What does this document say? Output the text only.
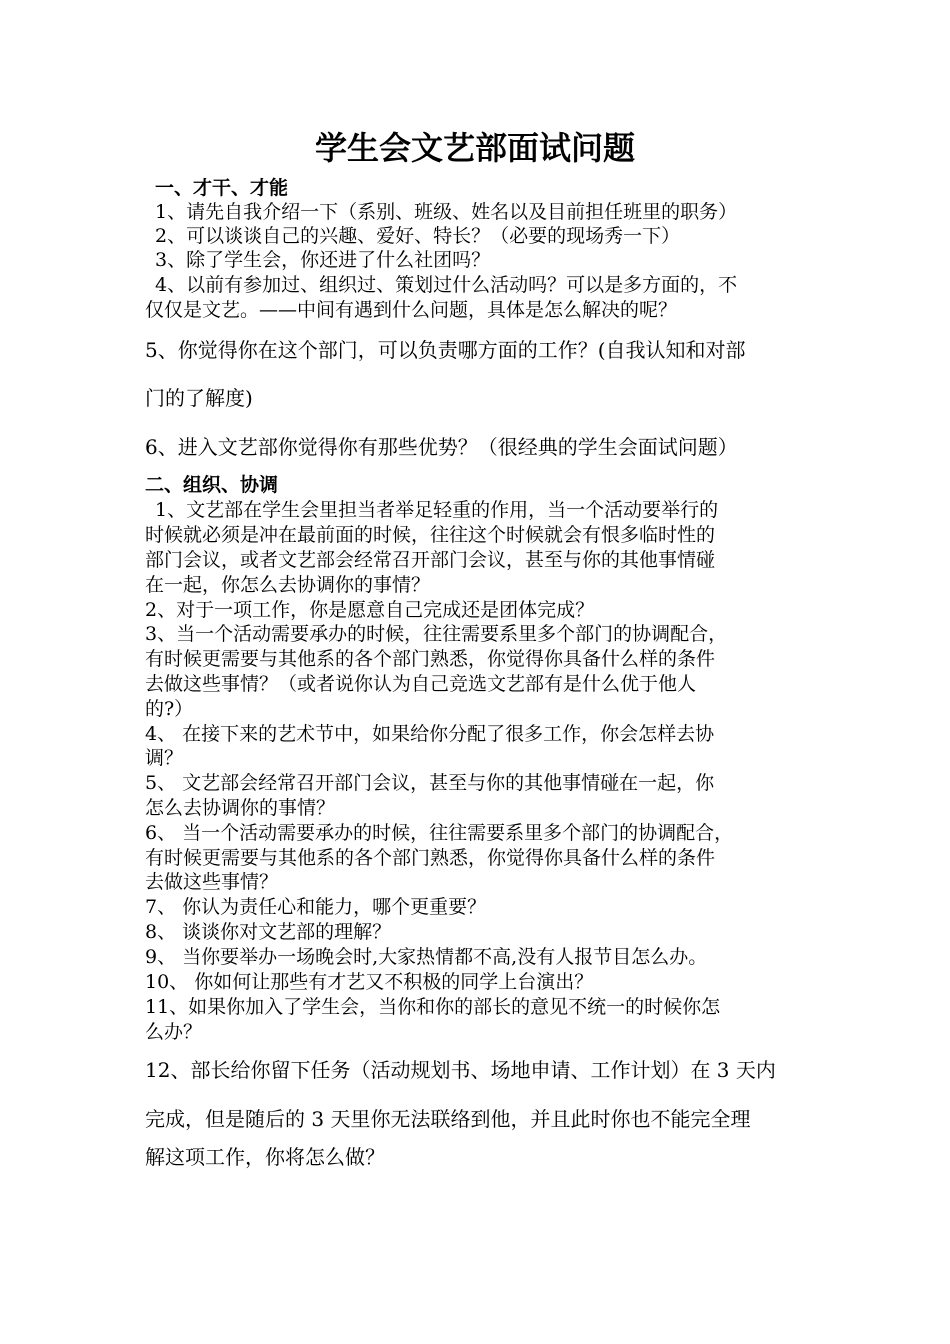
学生会文艺部面试问题

一、才干、才能

1、请先自我介绍一下（系别、班级、姓名以及目前担任班里的职务）

2、可以谈谈自己的兴趣、爱好、特长？（必要的现场秀一下）

3、除了学生会，你还进了什么社团吗？

4、以前有参加过、组织过、策划过什么活动吗？可以是多方面的，不

仅仅是文艺。——中间有遇到什么问题，具体是怎么解决的呢？

5、你觉得你在这个部门，可以负责哪方面的工作？(自我认知和对部

门的了解度)

6、进入文艺部你觉得你有那些优势？（很经典的学生会面试问题）

二、组织、协调

1、文艺部在学生会里担当者举足轻重的作用，当一个活动要举行的

时候就必须是冲在最前面的时候，往往这个时候就会有恨多临时性的

部门会议，或者文艺部会经常召开部门会议，甚至与你的其他事情碰

在一起，你怎么去协调你的事情？

2、对于一项工作，你是愿意自己完成还是团体完成？

3、当一个活动需要承办的时候，往往需要系里多个部门的协调配合，

有时候更需要与其他系的各个部门熟悉，你觉得你具备什么样的条件

去做这些事情？（或者说你认为自己竞选文艺部有是什么优于他人

的?）

4、 在接下来的艺术节中，如果给你分配了很多工作，你会怎样去协

调？

5、 文艺部会经常召开部门会议，甚至与你的其他事情碰在一起，你

怎么去协调你的事情？

6、 当一个活动需要承办的时候，往往需要系里多个部门的协调配合，

有时候更需要与其他系的各个部门熟悉，你觉得你具备什么样的条件

去做这些事情？

7、 你认为责任心和能力，哪个更重要？

8、 谈谈你对文艺部的理解？

9、 当你要举办一场晚会时,大家热情都不高,没有人报节目怎么办。

10、 你如何让那些有才艺又不积极的同学上台演出？

11、如果你加入了学生会，当你和你的部长的意见不统一的时候你怎

么办？

12、部长给你留下任务（活动规划书、场地申请、工作计划）在 3 天内

完成，但是随后的 3 天里你无法联络到他，并且此时你也不能完全理

解这项工作，你将怎么做？
